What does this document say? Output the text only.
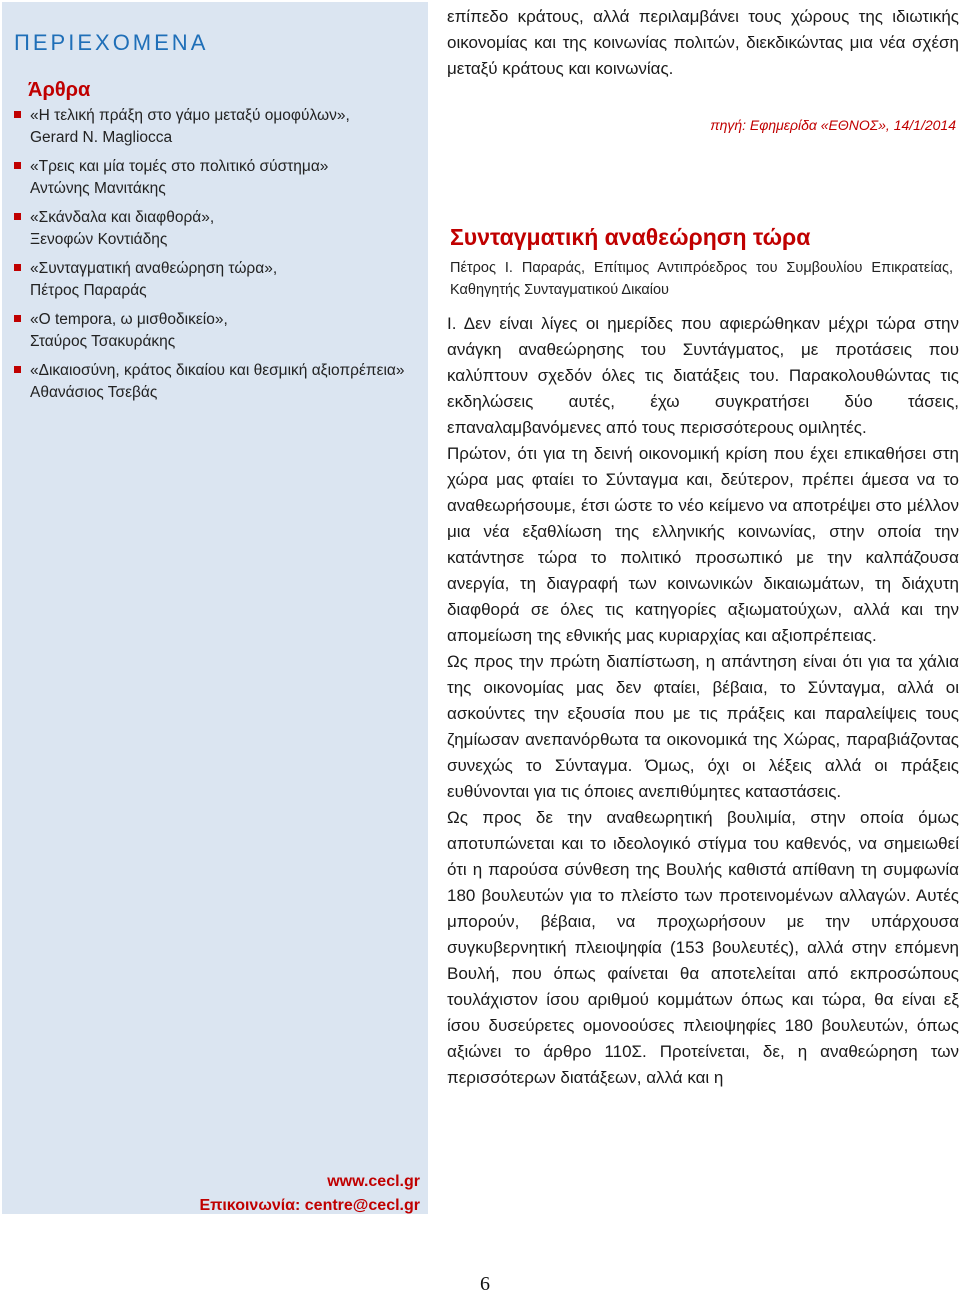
ΠΕΡΙΕΧΟΜΕΝΑ
Άρθρα
«Η τελική πράξη στο γάμο μεταξύ ομοφύλων»,
Gerard N. Magliocca
«Τρεις και μία τομές στο πολιτικό σύστημα»
Αντώνης Μανιτάκης
«Σκάνδαλα και διαφθορά»,
Ξενοφών Κοντιάδης
«Συνταγματική αναθεώρηση τώρα»,
Πέτρος Παραράς
«Ο tempora, ω μισθοδικείο»,
Σταύρος Τσακυράκης
«Δικαιοσύνη, κράτος δικαίου και θεσμική αξιοπρέπεια»
Αθανάσιος Τσεβάς
www.cecl.gr
Επικοινωνία: centre@cecl.gr

επίπεδο κράτους, αλλά περιλαμβάνει τους χώρους της ιδιωτικής οικονομίας και της κοινωνίας πολιτών, διεκδικώντας μια νέα σχέση μεταξύ κράτους και κοινωνίας.

πηγή: Εφημερίδα «ΕΘΝΟΣ», 14/1/2014
Συνταγματική αναθεώρηση τώρα
Πέτρος Ι. Παραράς, Επίτιμος Αντιπρόεδρος του Συμβουλίου Επικρατείας, Καθηγητής Συνταγματικού Δικαίου

Ι. Δεν είναι λίγες οι ημερίδες που αφιερώθηκαν μέχρι τώρα στην ανάγκη αναθεώρησης του Συντάγματος, με προτάσεις που καλύπτουν σχεδόν όλες τις διατάξεις του. Παρακολουθώντας τις εκδηλώσεις αυτές, έχω συγκρατήσει δύο τάσεις, επαναλαμβανόμενες από τους περισσότερους ομιλητές.

Πρώτον, ότι για τη δεινή οικονομική κρίση που έχει επικαθήσει στη χώρα μας φταίει το Σύνταγμα και, δεύτερον, πρέπει άμεσα να το αναθεωρήσουμε, έτσι ώστε το νέο κείμενο να αποτρέψει στο μέλλον μια νέα εξαθλίωση της ελληνικής κοινωνίας, στην οποία την κατάντησε τώρα το πολιτικό προσωπικό με την καλπάζουσα ανεργία, τη διαγραφή των κοινωνικών δικαιωμάτων, τη διάχυτη διαφθορά σε όλες τις κατηγορίες αξιωματούχων, αλλά και την απομείωση της εθνικής μας κυριαρχίας και αξιοπρέπειας.

Ως προς την πρώτη διαπίστωση, η απάντηση είναι ότι για τα χάλια της οικονομίας μας δεν φταίει, βέβαια, το Σύνταγμα, αλλά οι ασκούντες την εξουσία που με τις πράξεις και παραλείψεις τους ζημίωσαν ανεπανόρθωτα τα οικονομικά της Χώρας, παραβιάζοντας συνεχώς το Σύνταγμα. Όμως, όχι οι λέξεις αλλά οι πράξεις ευθύνονται για τις όποιες ανεπιθύμητες καταστάσεις.

Ως προς δε την αναθεωρητική βουλιμία, στην οποία όμως αποτυπώνεται και το ιδεολογικό στίγμα του καθενός, να σημειωθεί ότι η παρούσα σύνθεση της Βουλής καθιστά απίθανη τη συμφωνία 180 βουλευτών για το πλείστο των προτεινομένων αλλαγών. Αυτές μπορούν, βέβαια, να προχωρήσουν με την υπάρχουσα συγκυβερνητική πλειοψηφία (153 βουλευτές), αλλά στην επόμενη Βουλή, που όπως φαίνεται θα αποτελείται από εκπροσώπους τουλάχιστον ίσου αριθμού κομμάτων όπως και τώρα, θα είναι εξ ίσου δυσεύρετες ομονοούσες πλειοψηφίες 180 βουλευτών, όπως αξιώνει το άρθρο 110Σ. Προτείνεται, δε, η αναθεώρηση των περισσότερων διατάξεων, αλλά και η

6
